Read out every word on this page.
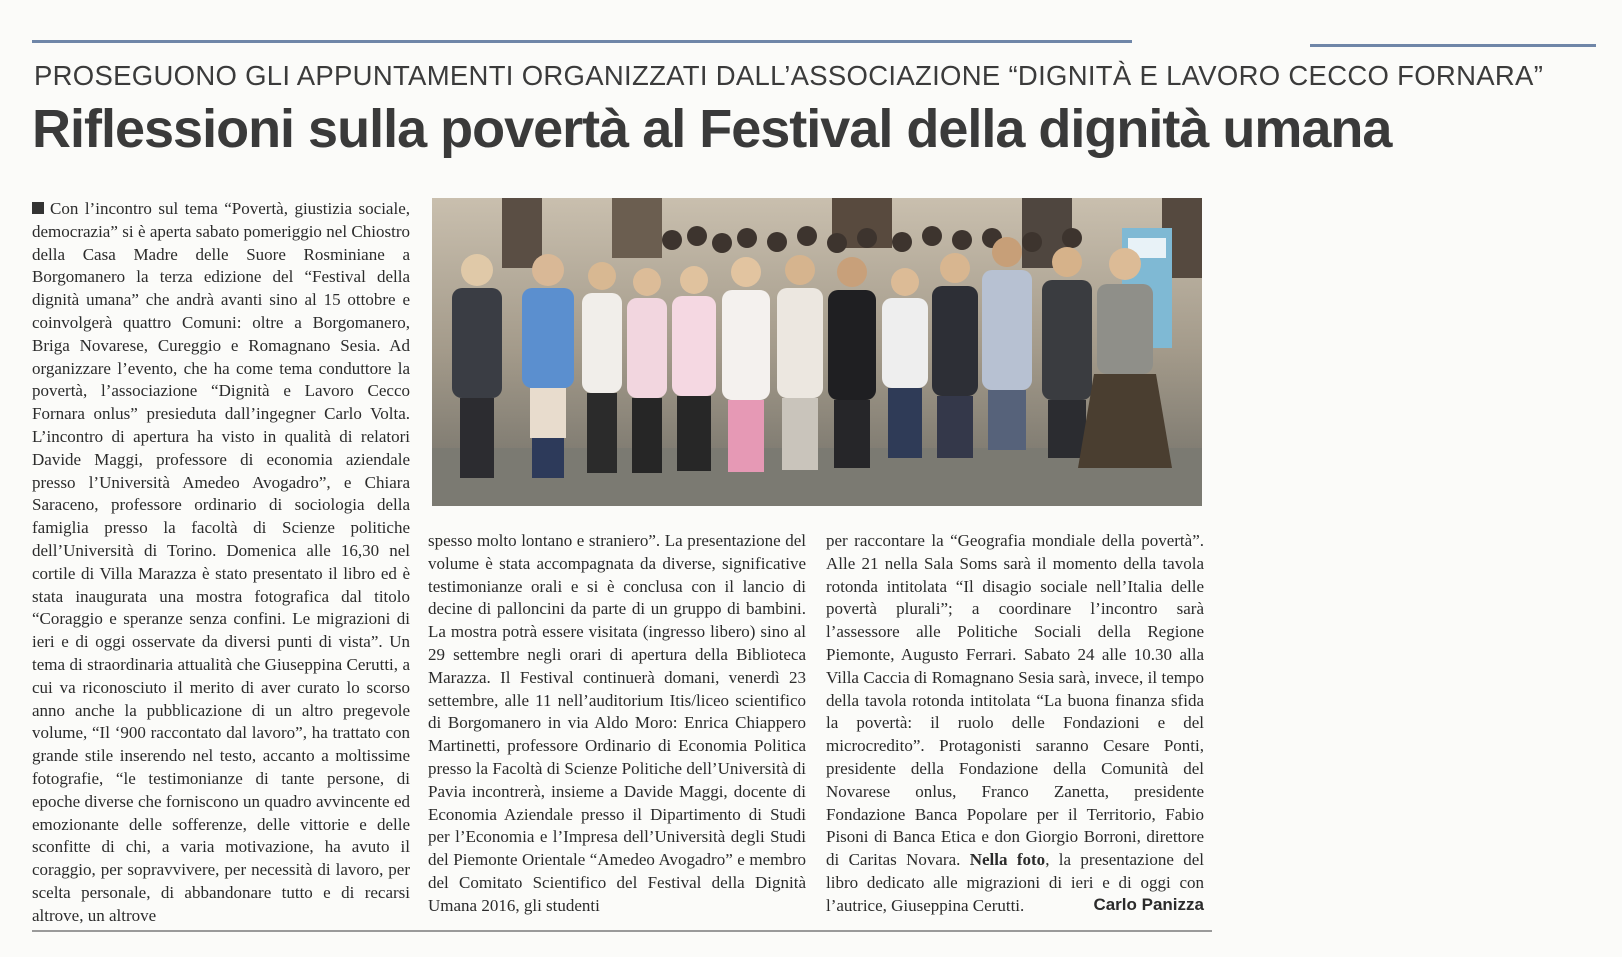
PROSEGUONO GLI APPUNTAMENTI ORGANIZZATI DALL’ASSOCIAZIONE “DIGNITÀ E LAVORO CECCO FORNARA”
Riflessioni sulla povertà al Festival della dignità umana
Con l’incontro sul tema “Povertà, giustizia sociale, democrazia” si è aperta sabato pomeriggio nel Chiostro della Casa Madre delle Suore Rosminiane a Borgomanero la terza edizione del “Festival della dignità umana” che andrà avanti sino al 15 ottobre e coinvolgerà quattro Comuni: oltre a Borgomanero, Briga Novarese, Cureggio e Romagnano Sesia. Ad organizzare l’evento, che ha come tema conduttore la povertà, l’associazione “Dignità e Lavoro Cecco Fornara onlus” presieduta dall’ingegner Carlo Volta. L’incontro di apertura ha visto in qualità di relatori Davide Maggi, professore di economia aziendale presso l’Università Amedeo Avogadro”, e Chiara Saraceno, professore ordinario di sociologia della famiglia presso la facoltà di Scienze politiche dell’Università di Torino. Domenica alle 16,30 nel cortile di Villa Marazza è stato presentato il libro ed è stata inaugurata una mostra fotografica dal titolo “Coraggio e speranze senza confini. Le migrazioni di ieri e di oggi osservate da diversi punti di vista”. Un tema di straordinaria attualità che Giuseppina Cerutti, a cui va riconosciuto il merito di aver curato lo scorso anno anche la pubblicazione di un altro pregevole volume, “Il ‘900 raccontato dal lavoro”, ha trattato con grande stile inserendo nel testo, accanto a moltissime fotografie, “le testimonianze di tante persone, di epoche diverse che forniscono un quadro avvincente ed emozionante delle sofferenze, delle vittorie e delle sconfitte di chi, a varia motivazione, ha avuto il coraggio, per sopravvivere, per necessità di lavoro, per scelta personale, di abbandonare tutto e di recarsi altrove, un altrove
spesso molto lontano e straniero”. La presentazione del volume è stata accompagnata da diverse, significative testimonianze orali e si è conclusa con il lancio di decine di palloncini da parte di un gruppo di bambini. La mostra potrà essere visitata (ingresso libero) sino al 29 settembre negli orari di apertura della Biblioteca Marazza. Il Festival continuerà domani, venerdì 23 settembre, alle 11 nell’auditorium Itis/liceo scientifico di Borgomanero in via Aldo Moro: Enrica Chiappero Martinetti, professore Ordinario di Economia Politica presso la Facoltà di Scienze Politiche dell’Università di Pavia incontrerà, insieme a Davide Maggi, docente di Economia Aziendale presso il Dipartimento di Studi per l’Economia e l’Impresa dell’Università degli Studi del Piemonte Orientale “Amedeo Avogadro” e membro del Comitato Scientifico del Festival della Dignità Umana 2016, gli studenti
per raccontare la “Geografia mondiale della povertà”. Alle 21 nella Sala Soms sarà il momento della tavola rotonda intitolata “Il disagio sociale nell’Italia delle povertà plurali”; a coordinare l’incontro sarà l’assessore alle Politiche Sociali della Regione Piemonte, Augusto Ferrari. Sabato 24 alle 10.30 alla Villa Caccia di Romagnano Sesia sarà, invece, il tempo della tavola rotonda intitolata “La buona finanza sfida la povertà: il ruolo delle Fondazioni e del microcredito”. Protagonisti saranno Cesare Ponti, presidente della Fondazione della Comunità del Novarese onlus, Franco Zanetta, presidente Fondazione Banca Popolare per il Territorio, Fabio Pisoni di Banca Etica e don Giorgio Borroni, direttore di Caritas Novara. Nella foto, la presentazione del libro dedicato alle migrazioni di ieri e di oggi con l’autrice, Giuseppina Cerutti.	Carlo Panizza
